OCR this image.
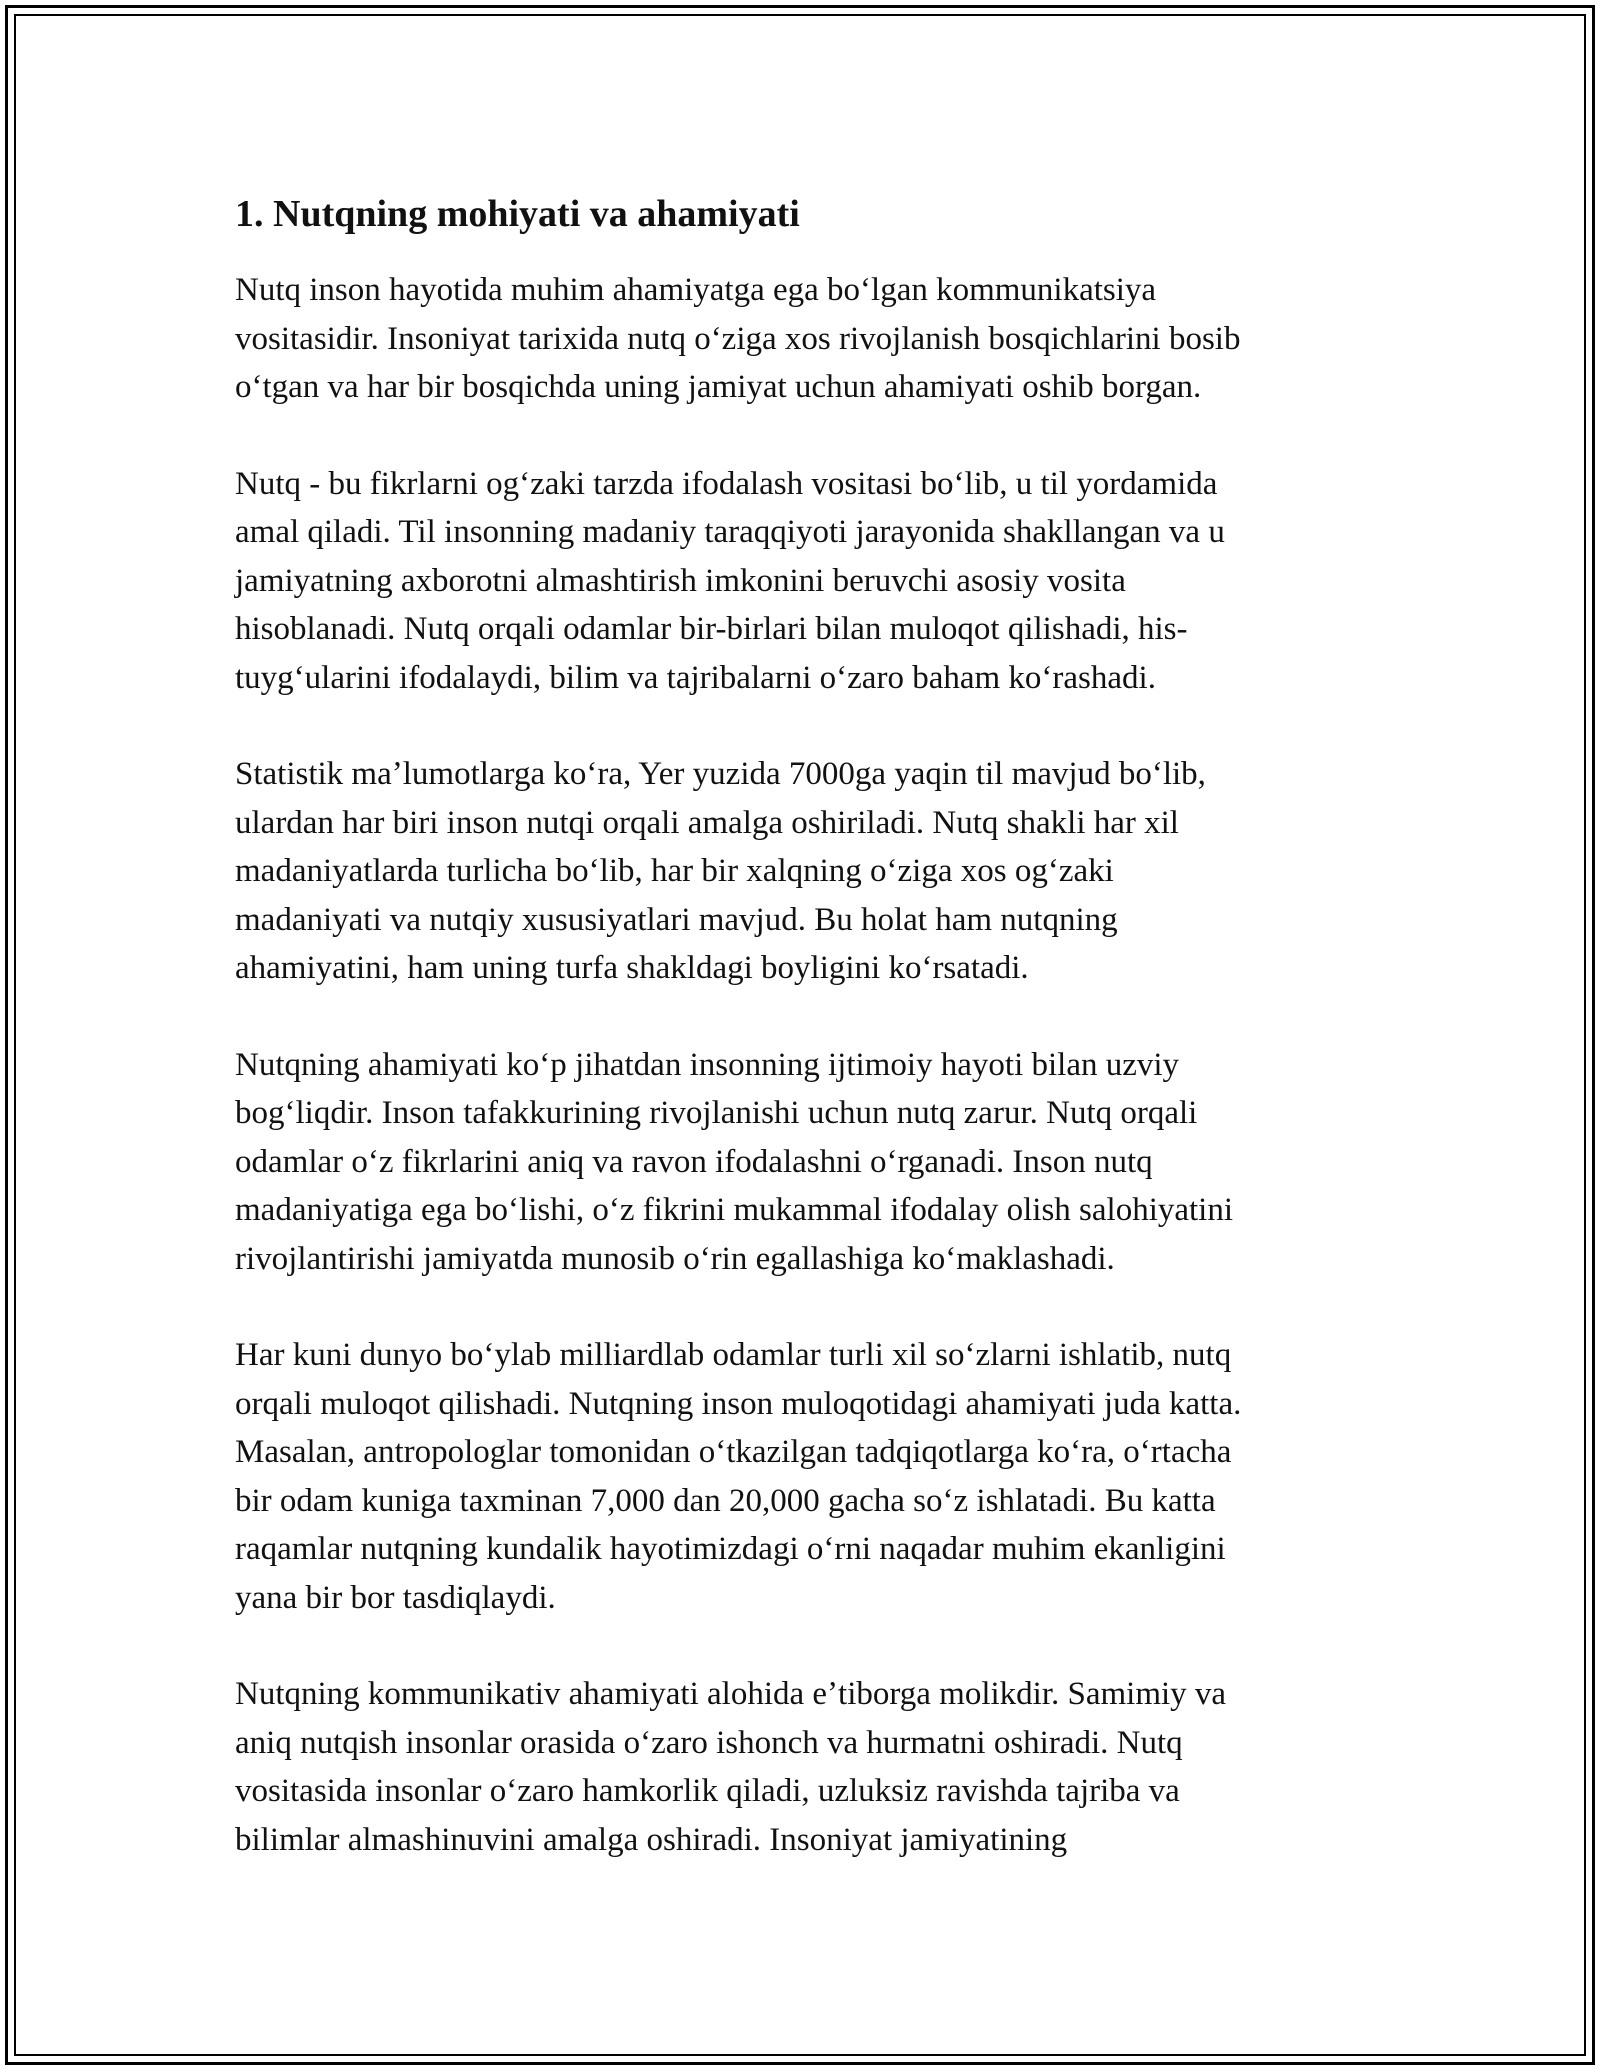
1. Nutqning mohiyati va ahamiyati

Nutq inson hayotida muhim ahamiyatga ega boʻlgan kommunikatsiya
vositasidir. Insoniyat tarixida nutq oʻziga xos rivojlanish bosqichlarini bosib
oʻtgan va har bir bosqichda uning jamiyat uchun ahamiyati oshib borgan.

Nutq - bu fikrlarni ogʻzaki tarzda ifodalash vositasi boʻlib, u til yordamida
amal qiladi. Til insonning madaniy taraqqiyoti jarayonida shakllangan va u
jamiyatning axborotni almashtirish imkonini beruvchi asosiy vosita
hisoblanadi. Nutq orqali odamlar bir-birlari bilan muloqot qilishadi, his-
tuygʻularini ifodalaydi, bilim va tajribalarni oʻzaro baham koʻrashadi.

Statistik maʼlumotlarga koʻra, Yer yuzida 7000ga yaqin til mavjud boʻlib,
ulardan har biri inson nutqi orqali amalga oshiriladi. Nutq shakli har xil
madaniyatlarda turlicha boʻlib, har bir xalqning oʻziga xos ogʻzaki
madaniyati va nutqiy xususiyatlari mavjud. Bu holat ham nutqning
ahamiyatini, ham uning turfa shakldagi boyligini koʻrsatadi.

Nutqning ahamiyati koʻp jihatdan insonning ijtimoiy hayoti bilan uzviy
bogʻliqdir. Inson tafakkurining rivojlanishi uchun nutq zarur. Nutq orqali
odamlar oʻz fikrlarini aniq va ravon ifodalashni oʻrganadi. Inson nutq
madaniyatiga ega boʻlishi, oʻz fikrini mukammal ifodalay olish salohiyatini
rivojlantirishi jamiyatda munosib oʻrin egallashiga koʻmaklashadi.

Har kuni dunyo boʻylab milliardlab odamlar turli xil soʻzlarni ishlatib, nutq
orqali muloqot qilishadi. Nutqning inson muloqotidagi ahamiyati juda katta.
Masalan, antropologlar tomonidan oʻtkazilgan tadqiqotlarga koʻra, oʻrtacha
bir odam kuniga taxminan 7,000 dan 20,000 gacha soʻz ishlatadi. Bu katta
raqamlar nutqning kundalik hayotimizdagi oʻrni naqadar muhim ekanligini
yana bir bor tasdiqlaydi.

Nutqning kommunikativ ahamiyati alohida eʼtiborga molikdir. Samimiy va
aniq nutqish insonlar orasida oʻzaro ishonch va hurmatni oshiradi. Nutq
vositasida insonlar oʻzaro hamkorlik qiladi, uzluksiz ravishda tajriba va
bilimlar almashinuvini amalga oshiradi. Insoniyat jamiyatining
